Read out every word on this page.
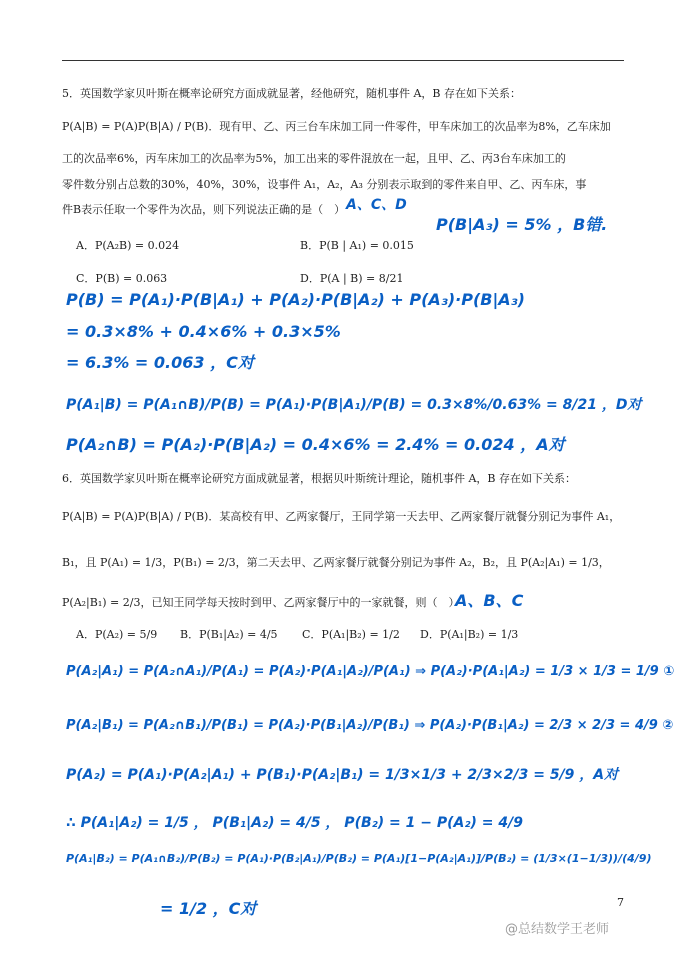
5．英国数学家贝叶斯在概率论研究方面成就显著，经他研究，随机事件 A，B 存在如下关系：
P(A|B) = P(A)P(B|A) / P(B)．现有甲、乙、丙三台车床加工同一件零件，甲车床加工的次品率为8%，乙车床加
工的次品率6%，丙车床加工的次品率为5%，加工出来的零件混放在一起，且甲、乙、丙3台车床加工的
零件数分别占总数的30%，40%，30%，设事件 A₁，A₂，A₃ 分别表示取到的零件来自甲、乙、丙车床，事
件B表示任取一个零件为次品，则下列说法正确的是（　） A、C、D
P(B|A₃) = 5% ，B错.
A．P(A₂B) = 0.024	B．P(B | A₁) = 0.015
C．P(B) = 0.063	D．P(A | B) = 8/21
P(B) = P(A₁)·P(B|A₁) + P(A₂)·P(B|A₂) + P(A₃)·P(B|A₃)
= 0.3×8% + 0.4×6% + 0.3×5%
= 6.3% = 0.063 ，C对
P(A₁|B) = P(A₁∩B)/P(B) = P(A₁)·P(B|A₁)/P(B) = 0.3×8%/0.63% = 8/21 ，D对
P(A₂∩B) = P(A₂)·P(B|A₂) = 0.4×6% = 2.4% = 0.024 ，A对
6．英国数学家贝叶斯在概率论研究方面成就显著，根据贝叶斯统计理论，随机事件 A，B 存在如下关系：
P(A|B) = P(A)P(B|A) / P(B)．某高校有甲、乙两家餐厅，王同学第一天去甲、乙两家餐厅就餐分别记为事件 A₁，
B₁，且 P(A₁) = 1/3，P(B₁) = 2/3，第二天去甲、乙两家餐厅就餐分别记为事件 A₂，B₂，且 P(A₂|A₁) = 1/3，
P(A₂|B₁) = 2/3，已知王同学每天按时到甲、乙两家餐厅中的一家就餐，则（　）
A、B、C
A．P(A₂) = 5/9 B．P(B₁|A₂) = 4/5 C．P(A₁|B₂) = 1/2 D．P(A₁|B₂) = 1/3
P(A₂|A₁) = P(A₂∩A₁)/P(A₁) = P(A₂)·P(A₁|A₂)/P(A₁) ⇒ P(A₂)·P(A₁|A₂) = 1/3 × 1/3 = 1/9 ①
P(A₂|B₁) = P(A₂∩B₁)/P(B₁) = P(A₂)·P(B₁|A₂)/P(B₁) ⇒ P(A₂)·P(B₁|A₂) = 2/3 × 2/3 = 4/9 ②
P(A₂) = P(A₁)·P(A₂|A₁) + P(B₁)·P(A₂|B₁) = 1/3×1/3 + 2/3×2/3 = 5/9 ，A对
∴ P(A₁|A₂) = 1/5 ， P(B₁|A₂) = 4/5 ， P(B₂) = 1 − P(A₂) = 4/9
P(A₁|B₂) = P(A₁∩B₂)/P(B₂) = P(A₁)·P(B₂|A₁)/P(B₂) = P(A₁)[1−P(A₂|A₁)]/P(B₂) = (1/3×(1−1/3))/(4/9)
= 1/2 ，C对	7
@总结数学王老师
